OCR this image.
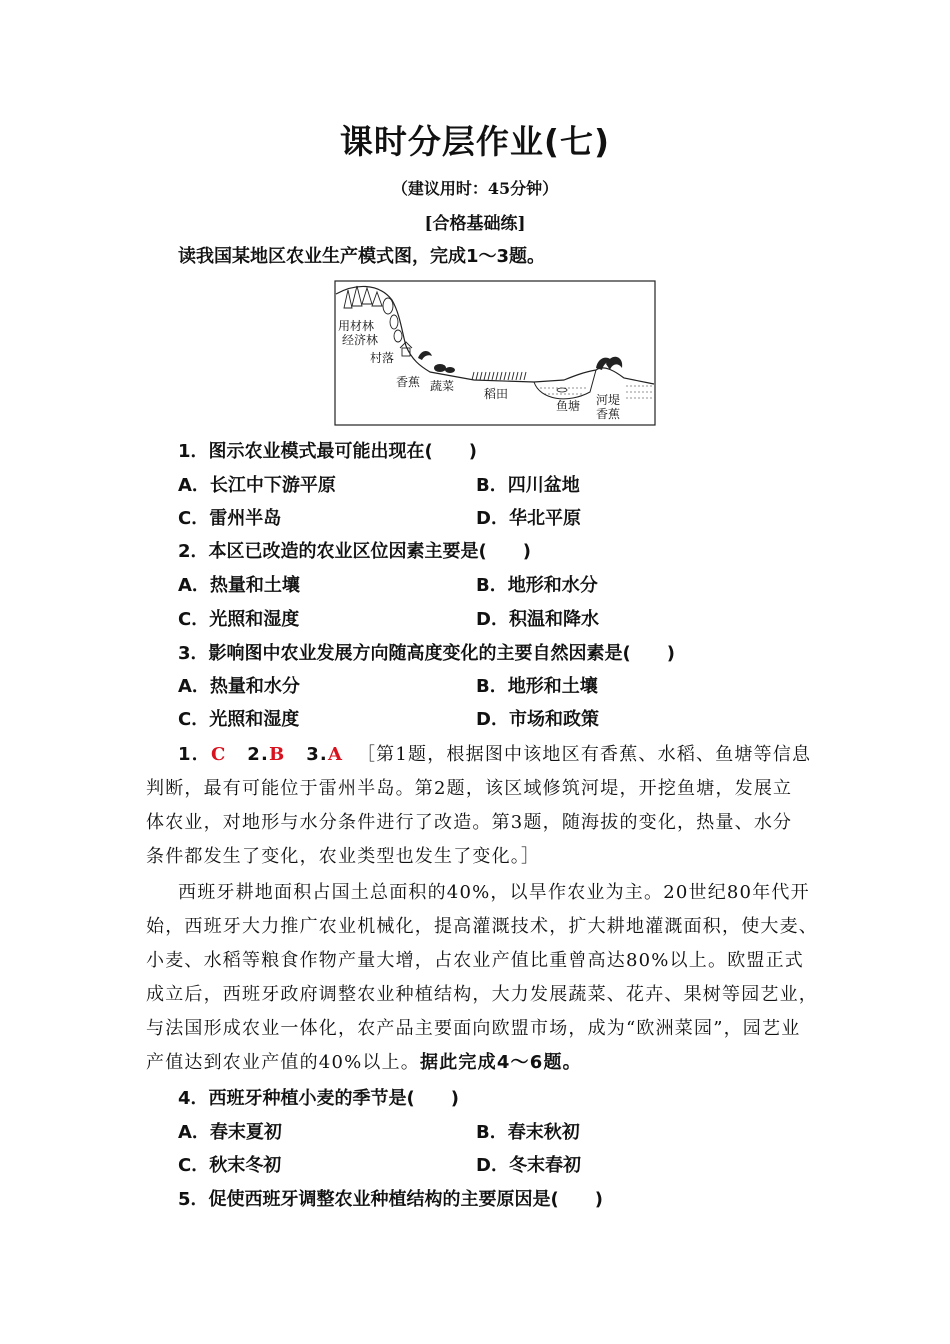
课时分层作业(七)
（建议用时：45分钟）
[合格基础练]
读我国某地区农业生产模式图，完成1～3题。
用材林
经济林
村落
香蕉 蔬菜
稻田
鱼塘 河堤
香蕉
1．图示农业模式最可能出现在(　　)
A．长江中下游平原	B．四川盆地
C．雷州半岛	D．华北平原
2．本区已改造的农业区位因素主要是(　　)
A．热量和土壤	B．地形和水分
C．光照和湿度	D．积温和降水
3．影响图中农业发展方向随高度变化的主要自然因素是(　　)
A．热量和水分	B．地形和土壤
C．光照和湿度	D．市场和政策
1．C 2.B 3.A ［第1题，根据图中该地区有香蕉、水稻、鱼塘等信息
判断，最有可能位于雷州半岛。第2题，该区域修筑河堤，开挖鱼塘，发展立
体农业，对地形与水分条件进行了改造。第3题，随海拔的变化，热量、水分
条件都发生了变化，农业类型也发生了变化。］
西班牙耕地面积占国土总面积的40%，以旱作农业为主。20世纪80年代开
始，西班牙大力推广农业机械化，提高灌溉技术，扩大耕地灌溉面积，使大麦、
小麦、水稻等粮食作物产量大增，占农业产值比重曾高达80%以上。欧盟正式
成立后，西班牙政府调整农业种植结构，大力发展蔬菜、花卉、果树等园艺业，
与法国形成农业一体化，农产品主要面向欧盟市场，成为“欧洲菜园”，园艺业
产值达到农业产值的40%以上。据此完成4～6题。
4．西班牙种植小麦的季节是(　　)
A．春末夏初	B．春末秋初
C．秋末冬初	D．冬末春初
5．促使西班牙调整农业种植结构的主要原因是(　　)
